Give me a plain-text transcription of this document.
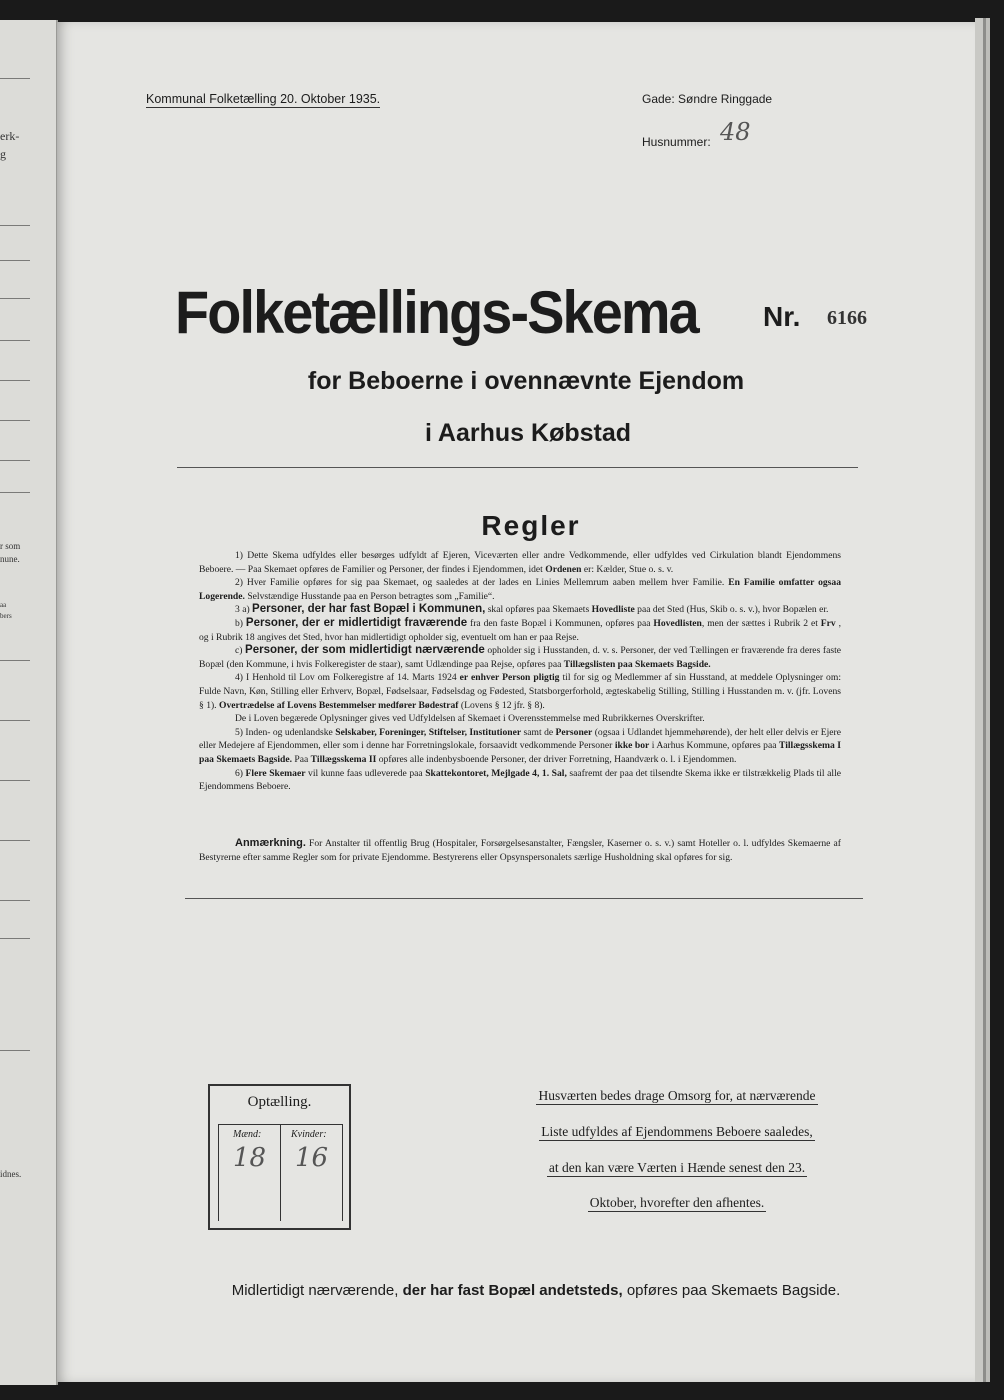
erk-
g
r som
nune.
aa
bers
idnes.
Kommunal Folketælling 20. Oktober 1935.	Gade: Søndre Ringgade
Husnummer: 48
Folketællings-Skema Nr. 6166
for Beboerne i ovennævnte Ejendom
i Aarhus Købstad
Regler

1) Dette Skema udfyldes eller besørges udfyldt af Ejeren, Viceværten eller andre Vedkommende, eller udfyldes ved Cirkulation blandt Ejendommens Beboere. — Paa Skemaet opføres de Familier og Personer, der findes i Ejendommen, idet Ordenen er: Kælder, Stue o. s. v.

2) Hver Familie opføres for sig paa Skemaet, og saaledes at der lades en Linies Mellemrum aaben mellem hver Familie. En Familie omfatter ogsaa Logerende. Selvstændige Husstande paa en Person betragtes som „Familie“.

3 a) Personer, der har fast Bopæl i Kommunen, skal opføres paa Skemaets Hovedliste paa det Sted (Hus, Skib o. s. v.), hvor Bopælen er.

b) Personer, der er midlertidigt fraværende fra den faste Bopæl i Kommunen, opføres paa Hovedlisten, men der sættes i Rubrik 2 et Frv , og i Rubrik 18 angives det Sted, hvor han midlertidigt opholder sig, eventuelt om han er paa Rejse.

c) Personer, der som midlertidigt nærværende opholder sig i Husstanden, d. v. s. Personer, der ved Tællingen er fraværende fra deres faste Bopæl (den Kommune, i hvis Folkeregister de staar), samt Udlændinge paa Rejse, opføres paa Tillægslisten paa Skemaets Bagside.

4) I Henhold til Lov om Folkeregistre af 14. Marts 1924 er enhver Person pligtig til for sig og Medlemmer af sin Husstand, at meddele Oplysninger om: Fulde Navn, Køn, Stilling eller Erhverv, Bopæl, Fødselsaar, Fødselsdag og Fødested, Statsborgerforhold, ægteskabelig Stilling, Stilling i Husstanden m. v. (jfr. Lovens § 1). Overtrædelse af Lovens Bestemmelser medfører Bødestraf (Lovens § 12 jfr. § 8).

De i Loven begærede Oplysninger gives ved Udfyldelsen af Skemaet i Overensstemmelse med Rubrikkernes Overskrifter.

5) Inden- og udenlandske Selskaber, Foreninger, Stiftelser, Institutioner samt de Personer (ogsaa i Udlandet hjemmehørende), der helt eller delvis er Ejere eller Medejere af Ejendommen, eller som i denne har Forretningslokale, forsaavidt vedkommende Personer ikke bor i Aarhus Kommune, opføres paa Tillægsskema I paa Skemaets Bagside. Paa Tillægsskema II opføres alle indenbysboende Personer, der driver Forretning, Haandværk o. l. i Ejendommen.

6) Flere Skemaer vil kunne faas udleverede paa Skattekontoret, Mejlgade 4, 1. Sal, saafremt der paa det tilsendte Skema ikke er tilstrækkelig Plads til alle Ejendommens Beboere.

Anmærkning. For Anstalter til offentlig Brug (Hospitaler, Forsørgelsesanstalter, Fængsler, Kaserner o. s. v.) samt Hoteller o. l. udfyldes Skemaerne af Bestyrerne efter samme Regler som for private Ejendomme. Bestyrerens eller Opsynspersonalets særlige Husholdning skal opføres for sig.
Optælling.
Mænd:
18
Kvinder:
16
Husværten bedes drage Omsorg for, at nærværende
Liste udfyldes af Ejendommens Beboere saaledes,
at den kan være Værten i Hænde senest den 23.
Oktober, hvorefter den afhentes.
Midlertidigt nærværende, der har fast Bopæl andetsteds, opføres paa Skemaets Bagside.
